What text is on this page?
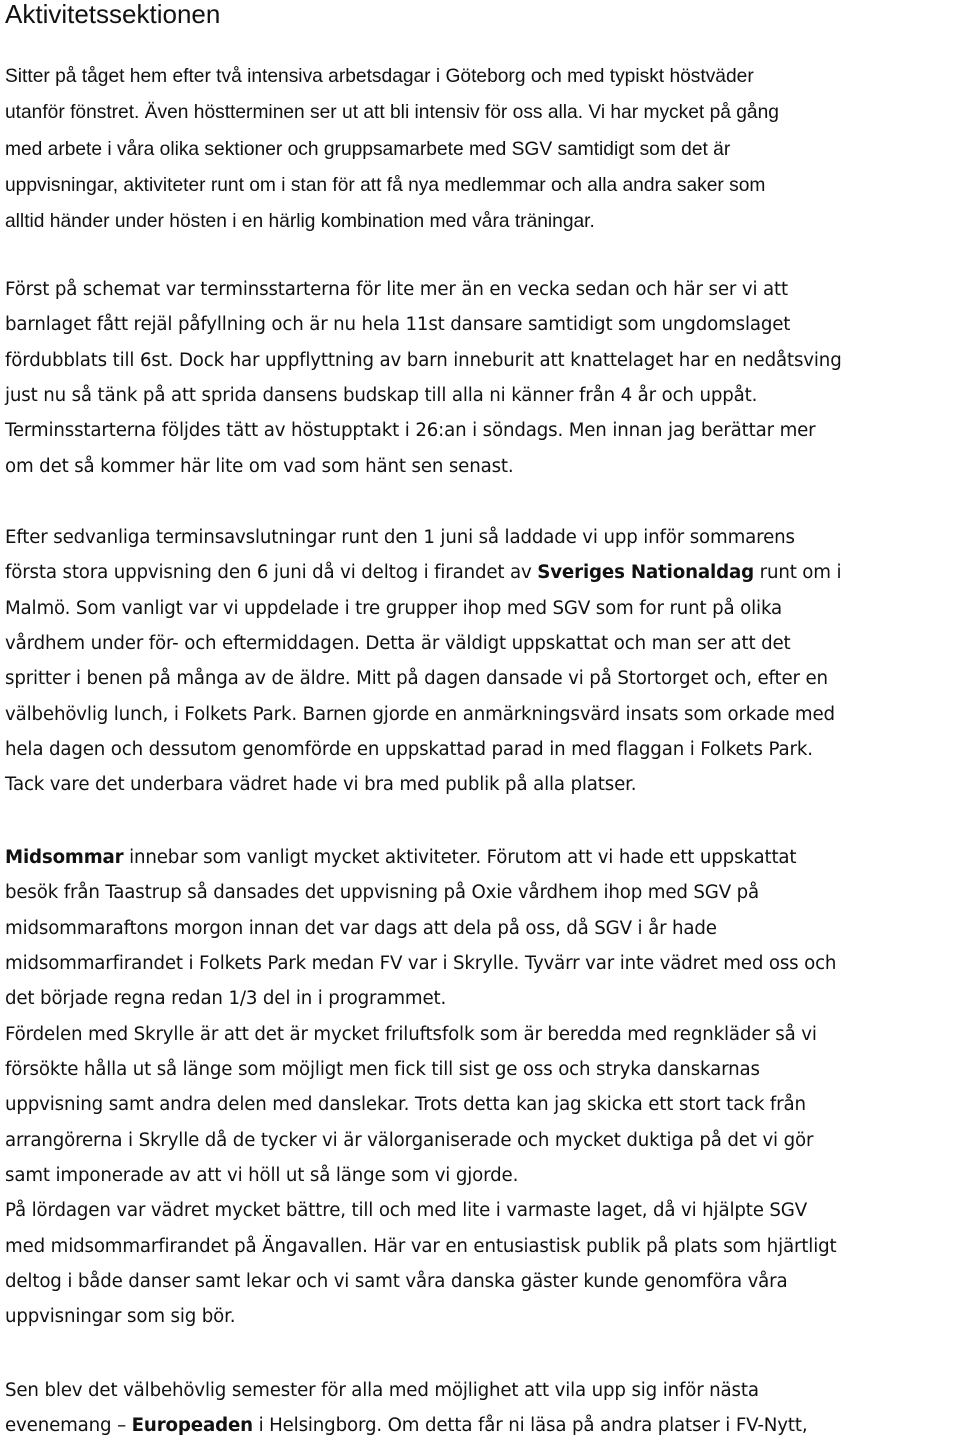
Aktivitetssektionen

Sitter på tåget hem efter två intensiva arbetsdagar i Göteborg och med typiskt höstväder
utanför fönstret. Även höstterminen ser ut att bli intensiv för oss alla. Vi har mycket på gång
med arbete i våra olika sektioner och gruppsamarbete med SGV samtidigt som det är
uppvisningar, aktiviteter runt om i stan för att få nya medlemmar och alla andra saker som
alltid händer under hösten i en härlig kombination med våra träningar.

Först på schemat var terminsstarterna för lite mer än en vecka sedan och här ser vi att
barnlaget fått rejäl påfyllning och är nu hela 11st dansare samtidigt som ungdomslaget
fördubblats till 6st. Dock har uppflyttning av barn inneburit att knattelaget har en nedåtsving
just nu så tänk på att sprida dansens budskap till alla ni känner från 4 år och uppåt.
Terminsstarterna följdes tätt av höstupptakt i 26:an i söndags. Men innan jag berättar mer
om det så kommer här lite om vad som hänt sen senast.

Efter sedvanliga terminsavslutningar runt den 1 juni så laddade vi upp inför sommarens
första stora uppvisning den 6 juni då vi deltog i firandet av Sveriges Nationaldag runt om i
Malmö. Som vanligt var vi uppdelade i tre grupper ihop med SGV som for runt på olika
vårdhem under för- och eftermiddagen. Detta är väldigt uppskattat och man ser att det
spritter i benen på många av de äldre. Mitt på dagen dansade vi på Stortorget och, efter en
välbehövlig lunch, i Folkets Park. Barnen gjorde en anmärkningsvärd insats som orkade med
hela dagen och dessutom genomförde en uppskattad parad in med flaggan i Folkets Park.
Tack vare det underbara vädret hade vi bra med publik på alla platser.

Midsommar innebar som vanligt mycket aktiviteter. Förutom att vi hade ett uppskattat
besök från Taastrup så dansades det uppvisning på Oxie vårdhem ihop med SGV på
midsommaraftons morgon innan det var dags att dela på oss, då SGV i år hade
midsommarfirandet i Folkets Park medan FV var i Skrylle. Tyvärr var inte vädret med oss och
det började regna redan 1/3 del in i programmet.
Fördelen med Skrylle är att det är mycket friluftsfolk som är beredda med regnkläder så vi
försökte hålla ut så länge som möjligt men fick till sist ge oss och stryka danskarnas
uppvisning samt andra delen med danslekar. Trots detta kan jag skicka ett stort tack från
arrangörerna i Skrylle då de tycker vi är välorganiserade och mycket duktiga på det vi gör
samt imponerade av att vi höll ut så länge som vi gjorde.
På lördagen var vädret mycket bättre, till och med lite i varmaste laget, då vi hjälpte SGV
med midsommarfirandet på Ängavallen. Här var en entusiastisk publik på plats som hjärtligt
deltog i både danser samt lekar och vi samt våra danska gäster kunde genomföra våra
uppvisningar som sig bör.

Sen blev det välbehövlig semester för alla med möjlighet att vila upp sig inför nästa
evenemang – Europeaden i Helsingborg. Om detta får ni läsa på andra platser i FV-Nytt,
